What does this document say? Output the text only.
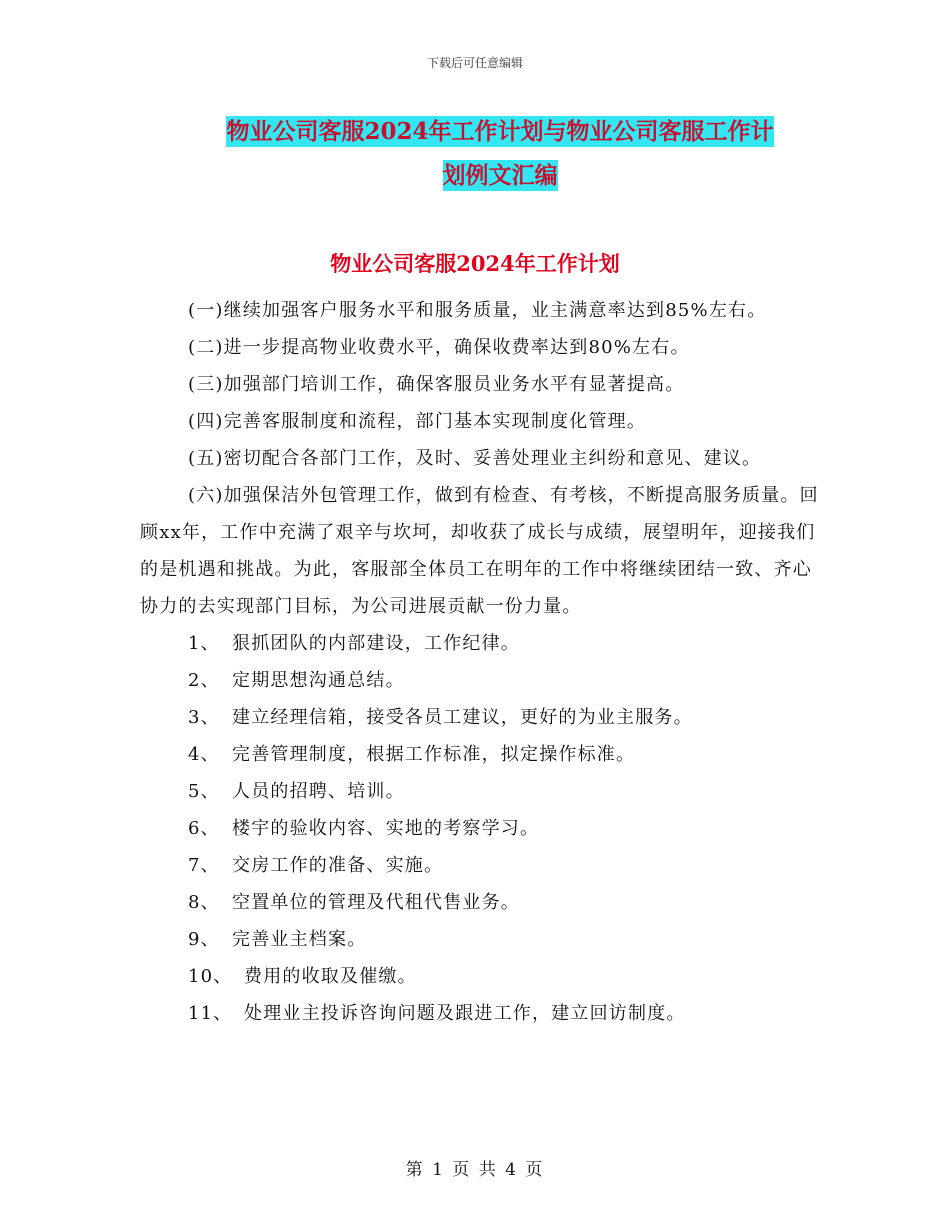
下载后可任意编辑
物业公司客服2024年工作计划与物业公司客服工作计
划例文汇编
物业公司客服2024年工作计划

(一)继续加强客户服务水平和服务质量，业主满意率达到85%左右。

(二)进一步提高物业收费水平，确保收费率达到80%左右。

(三)加强部门培训工作，确保客服员业务水平有显著提高。

(四)完善客服制度和流程，部门基本实现制度化管理。

(五)密切配合各部门工作，及时、妥善处理业主纠纷和意见、建议。

(六)加强保洁外包管理工作，做到有检查、有考核，不断提高服务质量。回顾xx年，工作中充满了艰辛与坎坷，却收获了成长与成绩，展望明年，迎接我们的是机遇和挑战。为此，客服部全体员工在明年的工作中将继续团结一致、齐心协力的去实现部门目标，为公司进展贡献一份力量。

1、 狠抓团队的内部建设，工作纪律。

2、 定期思想沟通总结。

3、 建立经理信箱，接受各员工建议，更好的为业主服务。

4、 完善管理制度，根据工作标准，拟定操作标准。

5、 人员的招聘、培训。

6、 楼宇的验收内容、实地的考察学习。

7、 交房工作的准备、实施。

8、 空置单位的管理及代租代售业务。

9、 完善业主档案。

10、 费用的收取及催缴。

11、 处理业主投诉咨询问题及跟进工作，建立回访制度。

第 1 页 共 4 页
